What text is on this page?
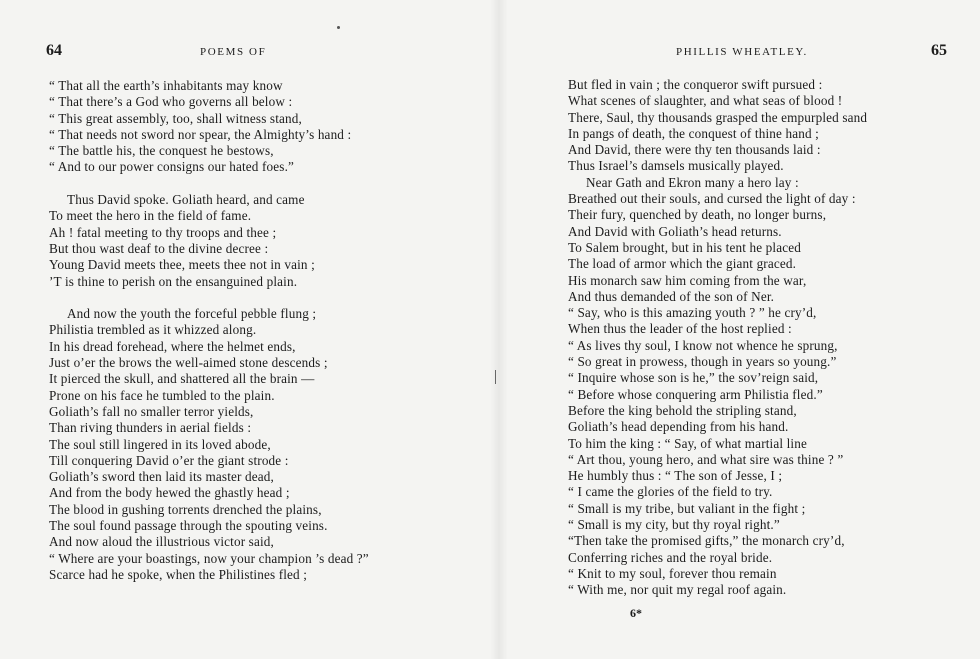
64	POEMS OF
“ That all the earth’s inhabitants may know
“ That there’s a God who governs all below :
“ This great assembly, too, shall witness stand,
“ That needs not sword nor spear, the Almighty’s hand :
“ The battle his, the conquest he bestows,
“ And to our power consigns our hated foes.”
Thus David spoke. Goliath heard, and came
To meet the hero in the field of fame.
Ah ! fatal meeting to thy troops and thee ;
But thou wast deaf to the divine decree :
Young David meets thee, meets thee not in vain ;
’T is thine to perish on the ensanguined plain.
And now the youth the forceful pebble flung ;
Philistia trembled as it whizzed along.
In his dread forehead, where the helmet ends,
Just o’er the brows the well-aimed stone descends ;
It pierced the skull, and shattered all the brain —
Prone on his face he tumbled to the plain.
Goliath’s fall no smaller terror yields,
Than riving thunders in aerial fields :
The soul still lingered in its loved abode,
Till conquering David o’er the giant strode :
Goliath’s sword then laid its master dead,
And from the body hewed the ghastly head ;
The blood in gushing torrents drenched the plains,
The soul found passage through the spouting veins.
And now aloud the illustrious victor said,
“ Where are your boastings, now your champion ’s dead ?”
Scarce had he spoke, when the Philistines fled ;
PHILLIS WHEATLEY.	65
But fled in vain ; the conqueror swift pursued :
What scenes of slaughter, and what seas of blood !
There, Saul, thy thousands grasped the empurpled sand
In pangs of death, the conquest of thine hand ;
And David, there were thy ten thousands laid :
Thus Israel’s damsels musically played.
Near Gath and Ekron many a hero lay :
Breathed out their souls, and cursed the light of day :
Their fury, quenched by death, no longer burns,
And David with Goliath’s head returns.
To Salem brought, but in his tent he placed
The load of armor which the giant graced.
His monarch saw him coming from the war,
And thus demanded of the son of Ner.
“ Say, who is this amazing youth ? ” he cry’d,
When thus the leader of the host replied :
“ As lives thy soul, I know not whence he sprung,
“ So great in prowess, though in years so young.”
“ Inquire whose son is he,” the sov’reign said,
“ Before whose conquering arm Philistia fled.”
Before the king behold the stripling stand,
Goliath’s head depending from his hand.
To him the king : “ Say, of what martial line
“ Art thou, young hero, and what sire was thine ? ”
He humbly thus : “ The son of Jesse, I ;
“ I came the glories of the field to try.
“ Small is my tribe, but valiant in the fight ;
“ Small is my city, but thy royal right.”
“Then take the promised gifts,” the monarch cry’d,
Conferring riches and the royal bride.
“ Knit to my soul, forever thou remain
“ With me, nor quit my regal roof again.
6*
